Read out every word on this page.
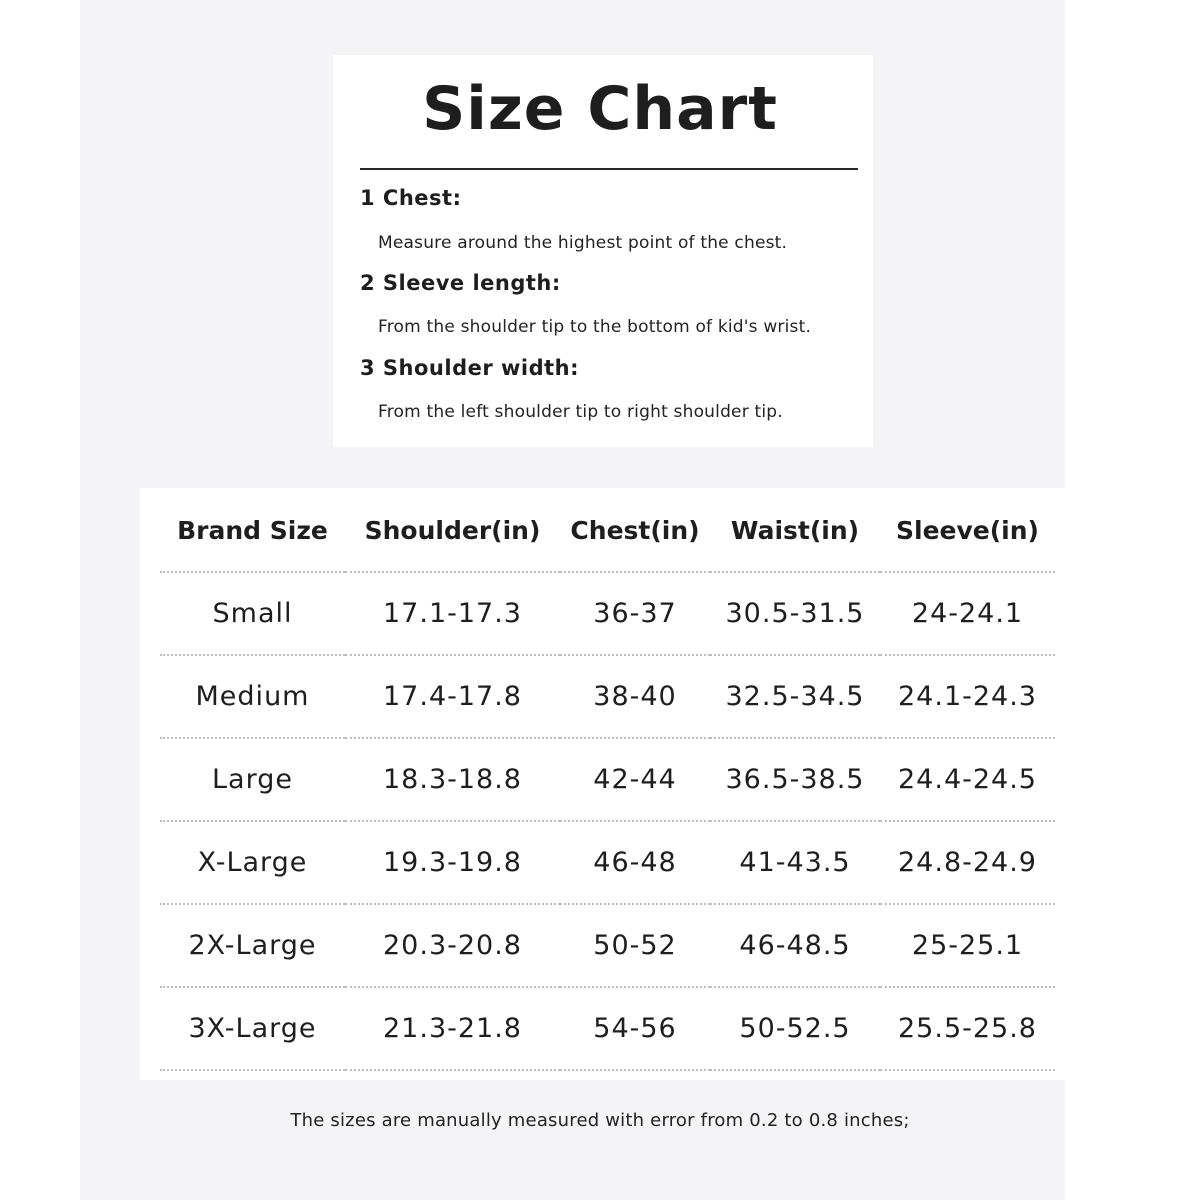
Size Chart
1 Chest:
Measure around the highest point of the chest.
2 Sleeve length:
From the shoulder tip to the bottom of kid's wrist.
3 Shoulder width:
From the left shoulder tip to right shoulder tip.
Brand Size	Shoulder(in)	Chest(in)	Waist(in)	Sleeve(in)
Small	17.1-17.3	36-37	30.5-31.5	24-24.1
Medium	17.4-17.8	38-40	32.5-34.5	24.1-24.3
Large	18.3-18.8	42-44	36.5-38.5	24.4-24.5
X-Large	19.3-19.8	46-48	41-43.5	24.8-24.9
2X-Large	20.3-20.8	50-52	46-48.5	25-25.1
3X-Large	21.3-21.8	54-56	50-52.5	25.5-25.8
The sizes are manually measured with error from 0.2 to 0.8 inches;
